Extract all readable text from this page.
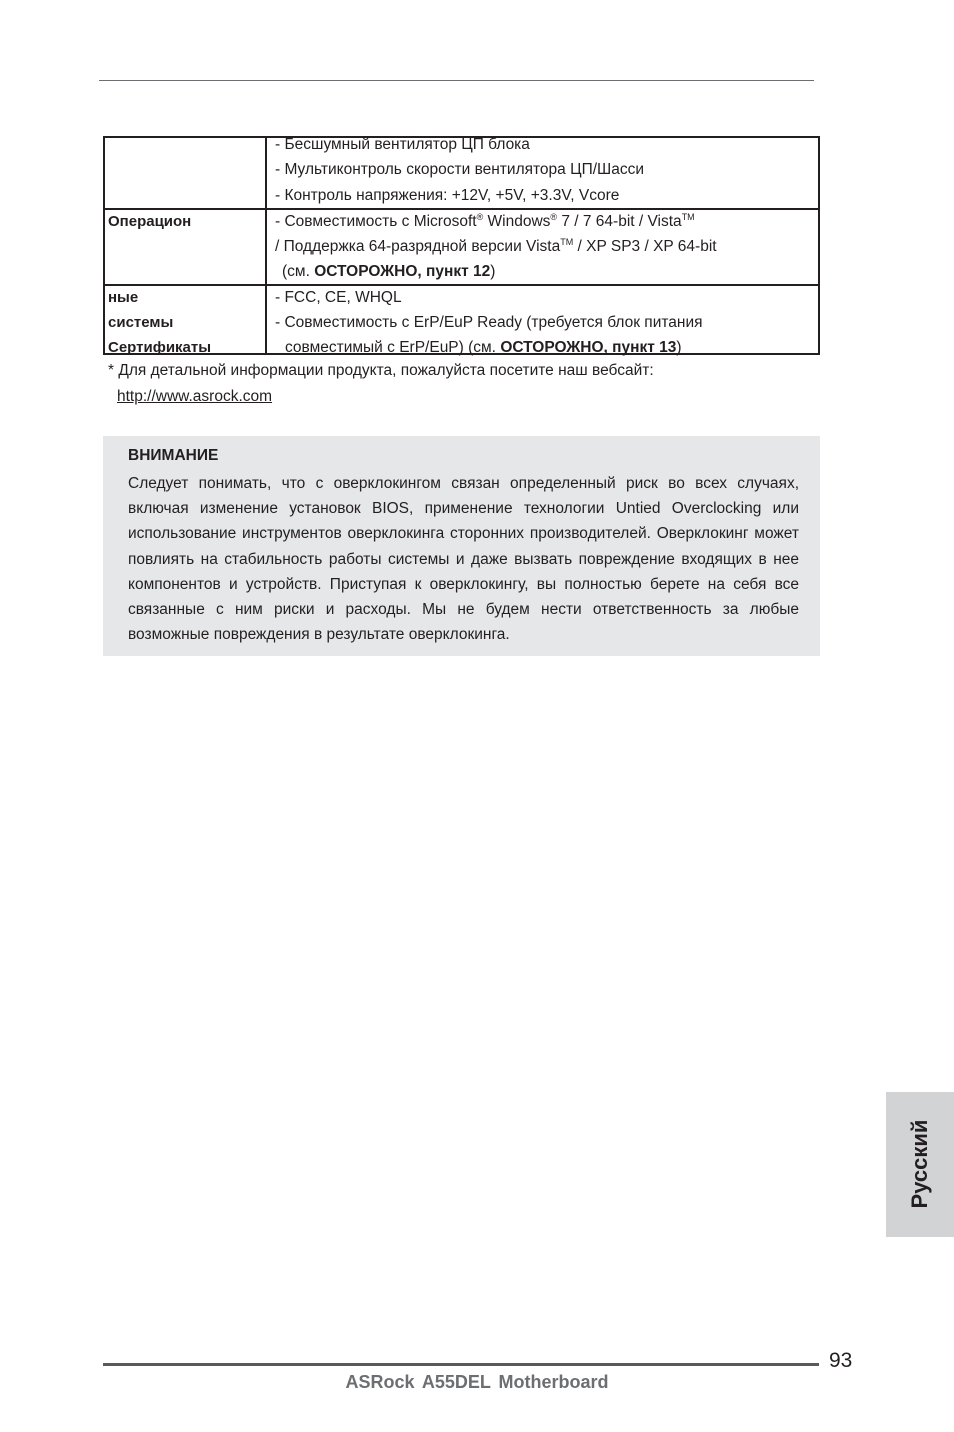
- Бесшумный вентилятор ЦП блока
- Мультиконтроль скорости вентилятора ЦП/Шасси
- Контроль напряжения: +12V, +5V, +3.3V, Vcore
Операцион	- Совместимость с Microsoft® Windows® 7 / 7 64-bit / Vista™
/ Поддержка 64-разрядной версии Vista™ / XP SP3 / XP 64-bit
(см. ОСТОРОЖНО, пункт 12)
ные
системы
Сертификаты
- FCC, CE, WHQL
- Совместимость с ErP/EuP Ready (требуется блок питания
совместимый с ErP/EuP) (см. ОСТОРОЖНО, пункт 13)
* Для детальной информации продукта, пожалуйста посетите наш вебсайт:
http://www.asrock.com
ВНИМАНИЕ
Следует понимать, что с оверклокингом связан определенный риск во всех случаях, включая изменение установок BIOS, применение технологии Untied Overclocking или использование инструментов оверклокинга сторонних производителей. Оверклокинг может повлиять на стабильность работы системы и даже вызвать повреждение входящих в нее компонентов и устройств. Приступая к оверклокингу, вы полностью берете на себя все связанные с ним риски и расходы. Мы не будем нести ответственность за любые возможные повреждения в результате оверклокинга.
Русский
93
ASRock A55DEL Motherboard
